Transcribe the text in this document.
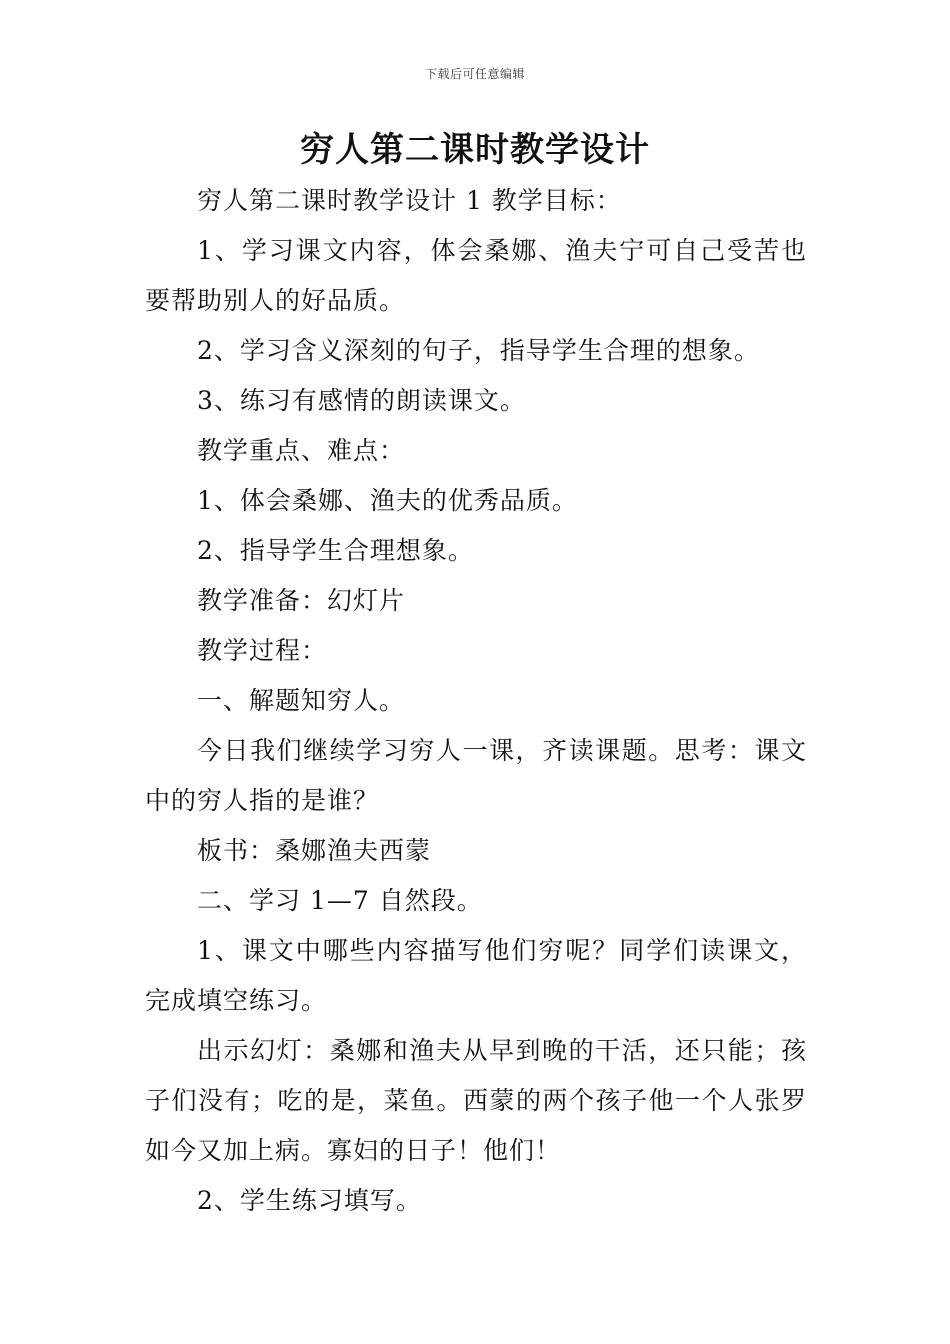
下载后可任意编辑
穷人第二课时教学设计

穷人第二课时教学设计 1 教学目标：

1、学习课文内容，体会桑娜、渔夫宁可自己受苦也要帮助别人的好品质。

2、学习含义深刻的句子，指导学生合理的想象。

3、练习有感情的朗读课文。

教学重点、难点：

1、体会桑娜、渔夫的优秀品质。

2、指导学生合理想象。

教学准备：幻灯片

教学过程：

一、解题知穷人。

今日我们继续学习穷人一课，齐读课题。思考：课文中的穷人指的是谁？

板书：桑娜渔夫西蒙

二、学习 1—7 自然段。

1、课文中哪些内容描写他们穷呢？同学们读课文，完成填空练习。

出示幻灯：桑娜和渔夫从早到晚的干活，还只能；孩子们没有；吃的是，菜鱼。西蒙的两个孩子他一个人张罗如今又加上病。寡妇的日子！他们！

2、学生练习填写。
